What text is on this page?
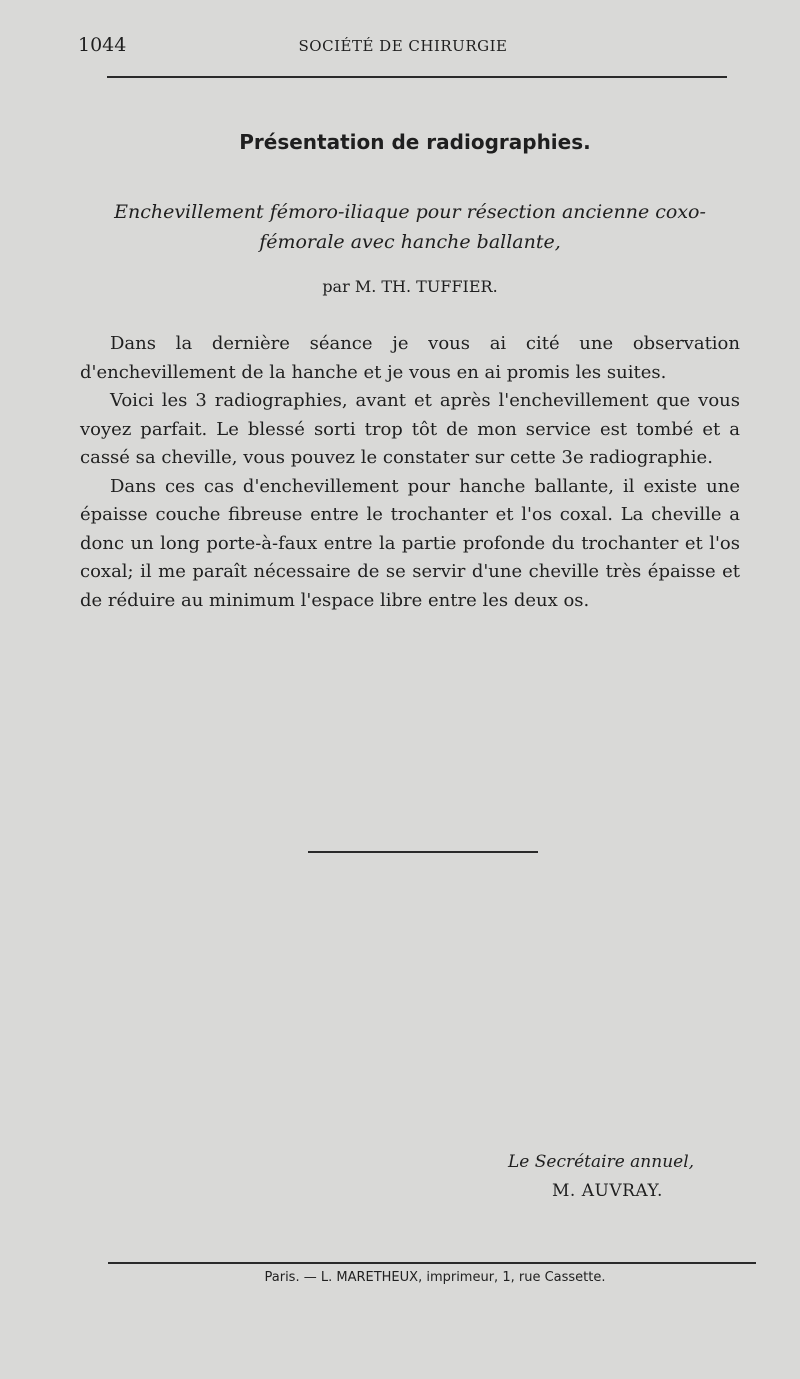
1044	SOCIÉTÉ DE CHIRURGIE
Présentation de radiographies.
Enchevillement fémoro-iliaque pour résection ancienne coxo-
fémorale avec hanche ballante,
par M. TH. TUFFIER.

Dans la dernière séance je vous ai cité une observation d'enchevillement de la hanche et je vous en ai promis les suites.

Voici les 3 radiographies, avant et après l'enchevillement que vous voyez parfait. Le blessé sorti trop tôt de mon service est tombé et a cassé sa cheville, vous pouvez le constater sur cette 3e radiographie.

Dans ces cas d'enchevillement pour hanche ballante, il existe une épaisse couche fibreuse entre le trochanter et l'os coxal. La cheville a donc un long porte-à-faux entre la partie profonde du trochanter et l'os coxal; il me paraît nécessaire de se servir d'une cheville très épaisse et de réduire au minimum l'espace libre entre les deux os.

Le Secrétaire annuel,
M. AUVRAY.
Paris. — L. MARETHEUX, imprimeur, 1, rue Cassette.
